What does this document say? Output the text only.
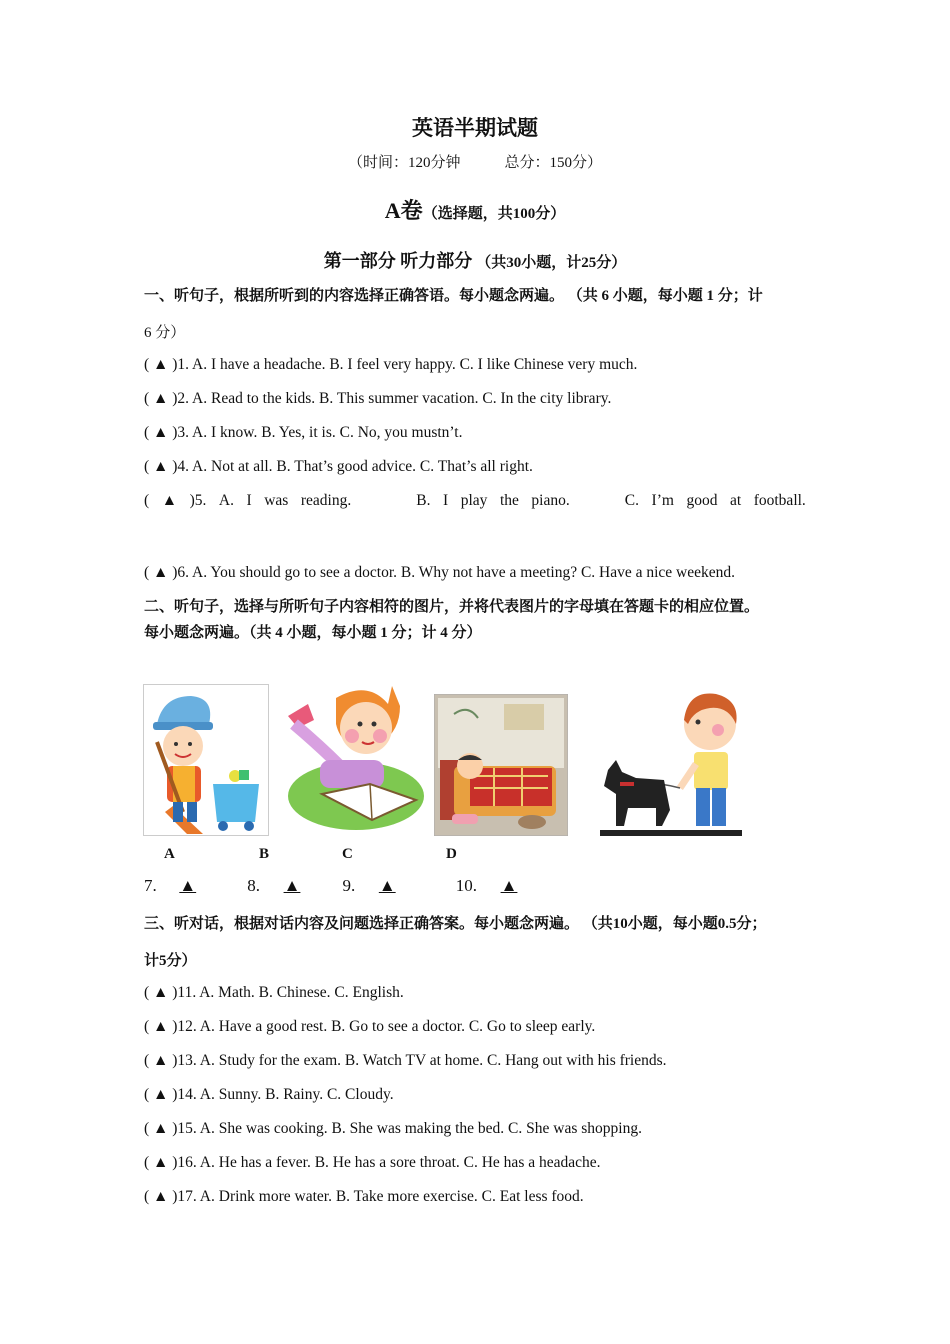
英语半期试题
（时间：120分钟	总分：150分）
A卷（选择题，共100分）
第一部分 听力部分 （共30小题，计25分）
一、听句子，根据所听到的内容选择正确答语。每小题念两遍。 （共 6 小题，每小题 1 分；计
6 分）
( ▲ )1. A. I have a headache. B. I feel very happy. C. I like Chinese very much.
( ▲ )2. A. Read to the kids. B. This summer vacation. C. In the city library.
( ▲ )3. A. I know. B. Yes, it is. C. No, you mustn’t.
( ▲ )4. A. Not at all. B. That’s good advice. C. That’s all right.
( ▲ )5. A. I was reading.	B. I play the piano.	C. I’m good at football.
( ▲ )6. A. You should go to see a doctor. B. Why not have a meeting? C. Have a nice weekend.
二、听句子，选择与所听句子内容相符的图片，并将代表图片的字母填在答题卡的相应位置。
每小题念两遍。（共 4 小题，每小题 1 分；计 4 分）
A	B	C	D
7. ▲	8. ▲ 9. ▲	10. ▲
三、听对话，根据对话内容及问题选择正确答案。每小题念两遍。 （共10小题，每小题0.5分；
计5分）
( ▲ )11. A. Math. B. Chinese. C. English.
( ▲ )12. A. Have a good rest. B. Go to see a doctor. C. Go to sleep early.
( ▲ )13. A. Study for the exam. B. Watch TV at home. C. Hang out with his friends.
( ▲ )14. A. Sunny. B. Rainy. C. Cloudy.
( ▲ )15. A. She was cooking. B. She was making the bed. C. She was shopping.
( ▲ )16. A. He has a fever. B. He has a sore throat. C. He has a headache.
( ▲ )17. A. Drink more water. B. Take more exercise. C. Eat less food.
